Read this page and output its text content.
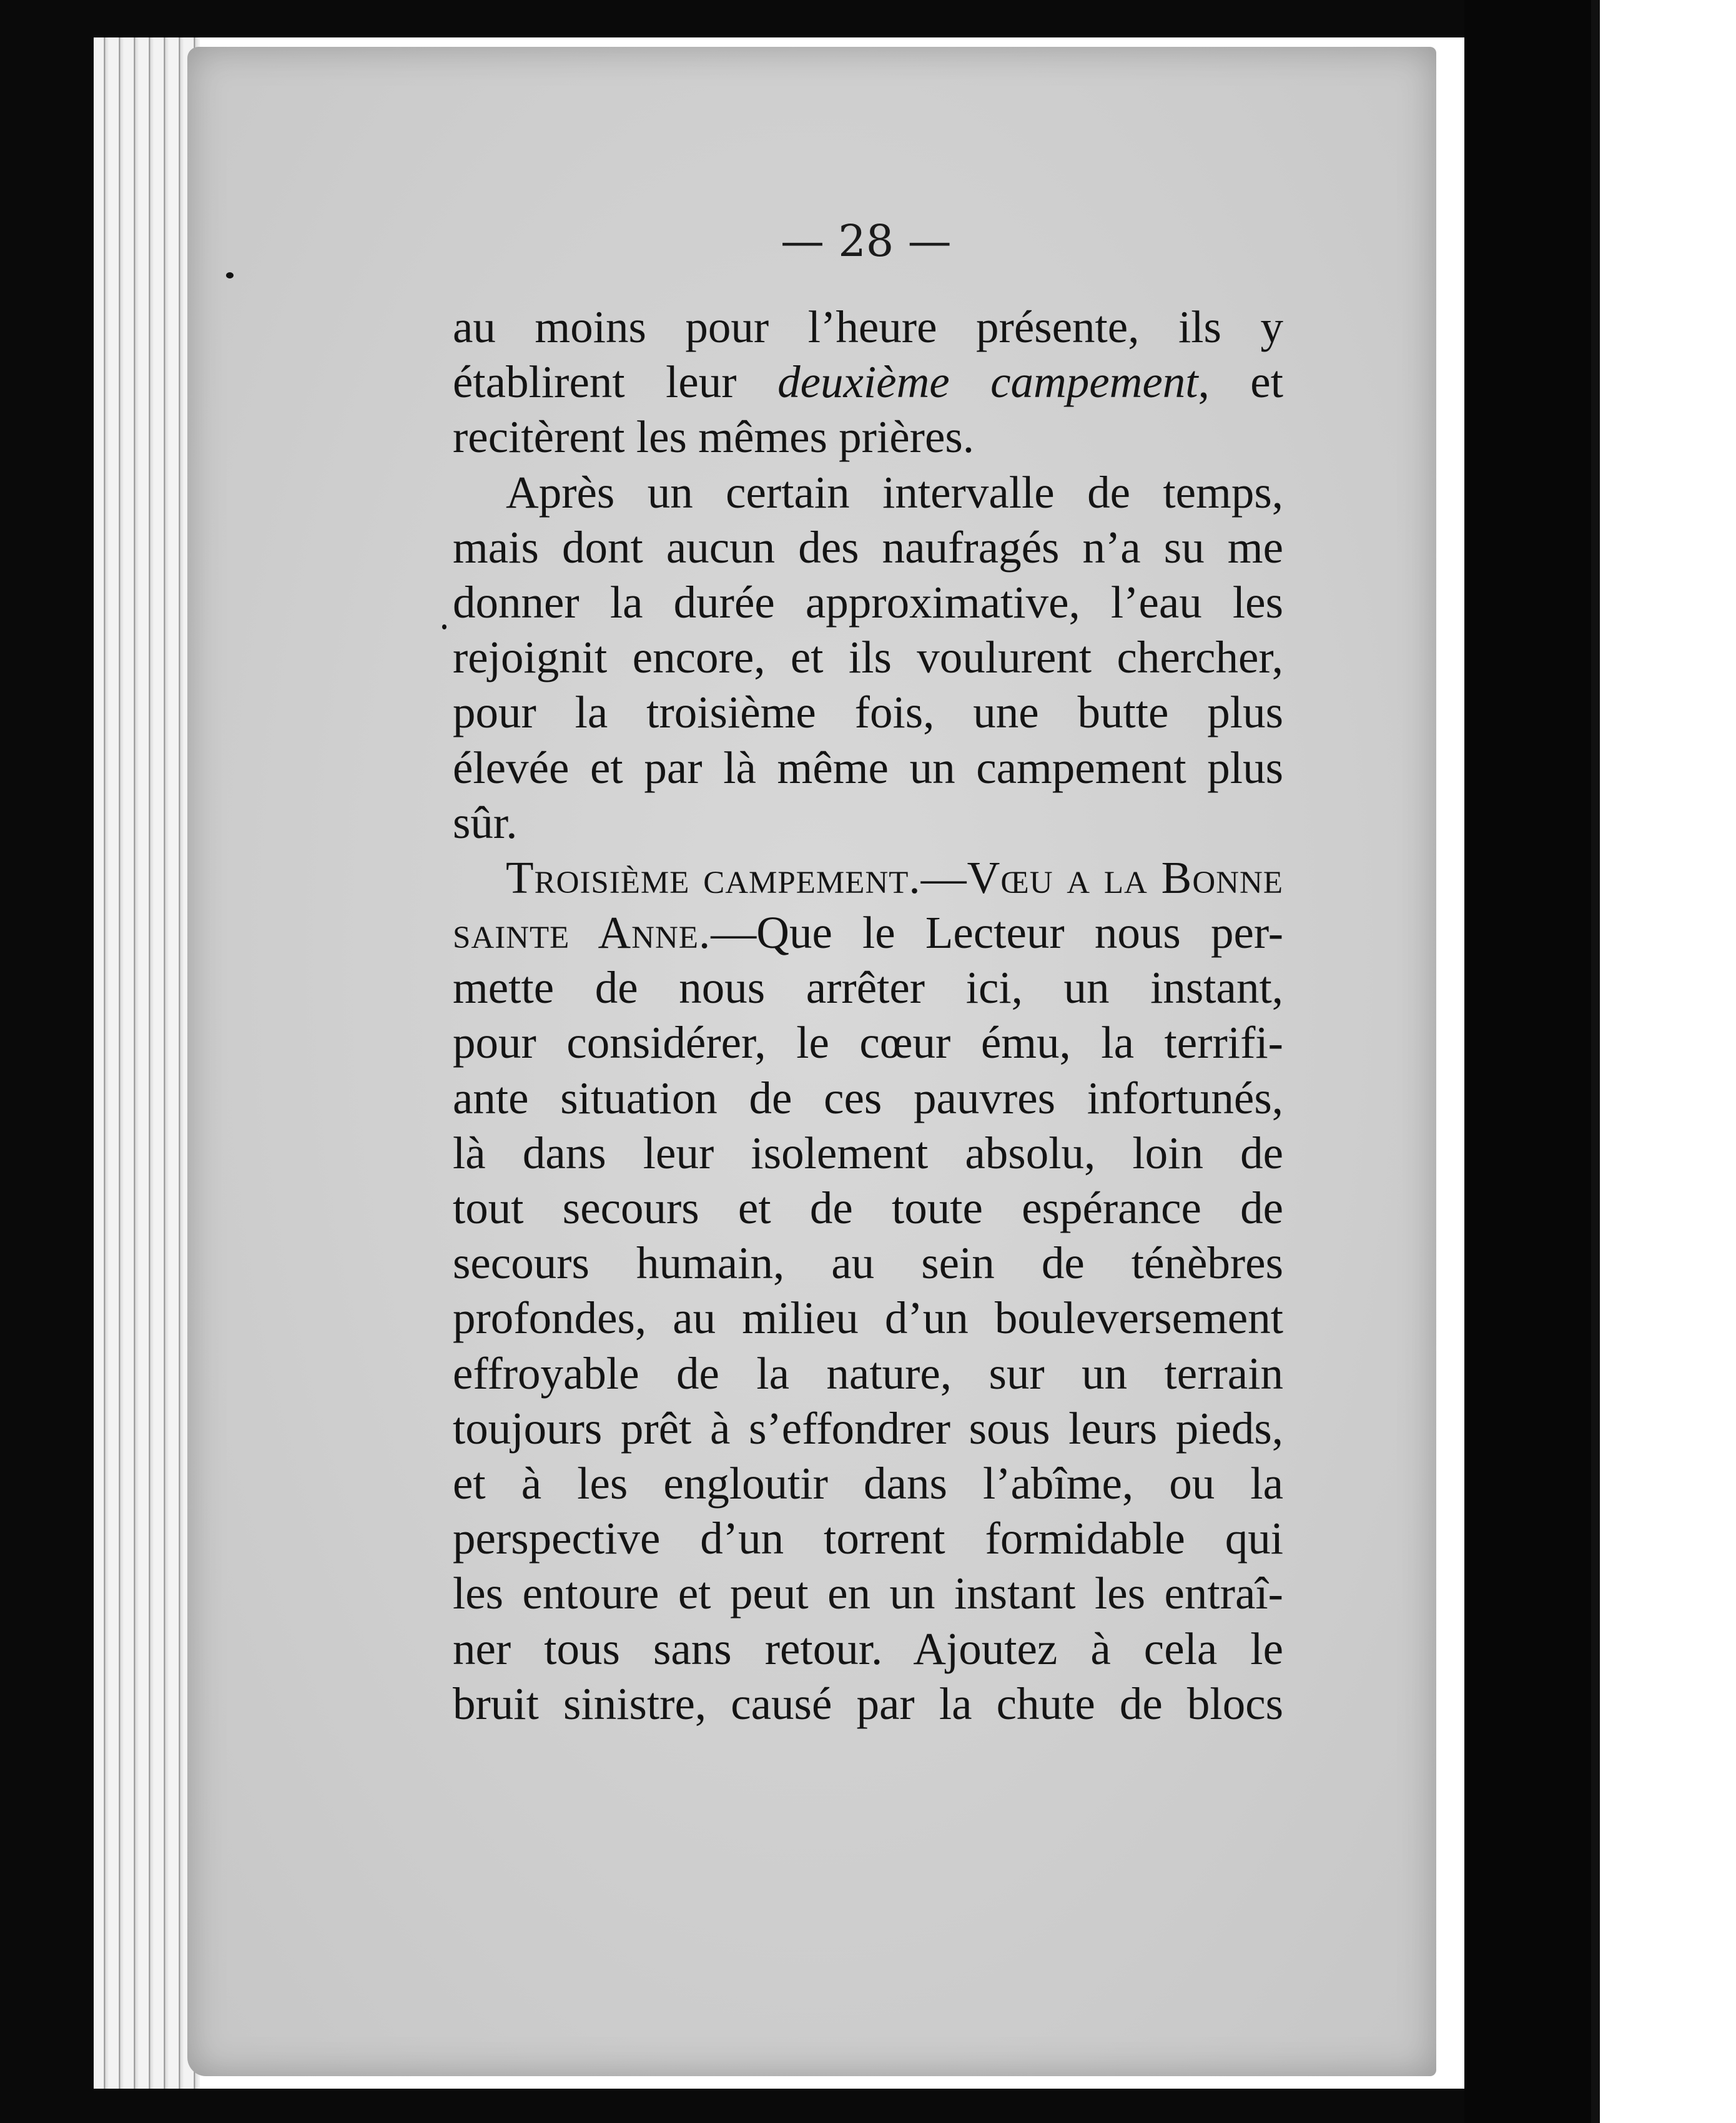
— 28 —

au moins pour l’heure présente, ils y
établirent leur deuxième campement, et
recitèrent les mêmes prières.

Après un certain intervalle de temps,
mais dont aucun des naufragés n’a su me
donner la durée approximative, l’eau les
rejoignit encore, et ils voulurent chercher,
pour la troisième fois, une butte plus
élevée et par là même un campement plus
sûr.

Troisième campement.—Vœu a la Bonne
sainte Anne.—Que le Lecteur nous per-
mette de nous arrêter ici, un instant,
pour considérer, le cœur ému, la terrifi-
ante situation de ces pauvres infortunés,
là dans leur isolement absolu, loin de
tout secours et de toute espérance de
secours humain, au sein de ténèbres
profondes, au milieu d’un bouleversement
effroyable de la nature, sur un terrain
toujours prêt à s’effondrer sous leurs pieds,
et à les engloutir dans l’abîme, ou la
perspective d’un torrent formidable qui
les entoure et peut en un instant les entraî-
ner tous sans retour. Ajoutez à cela le
bruit sinistre, causé par la chute de blocs
